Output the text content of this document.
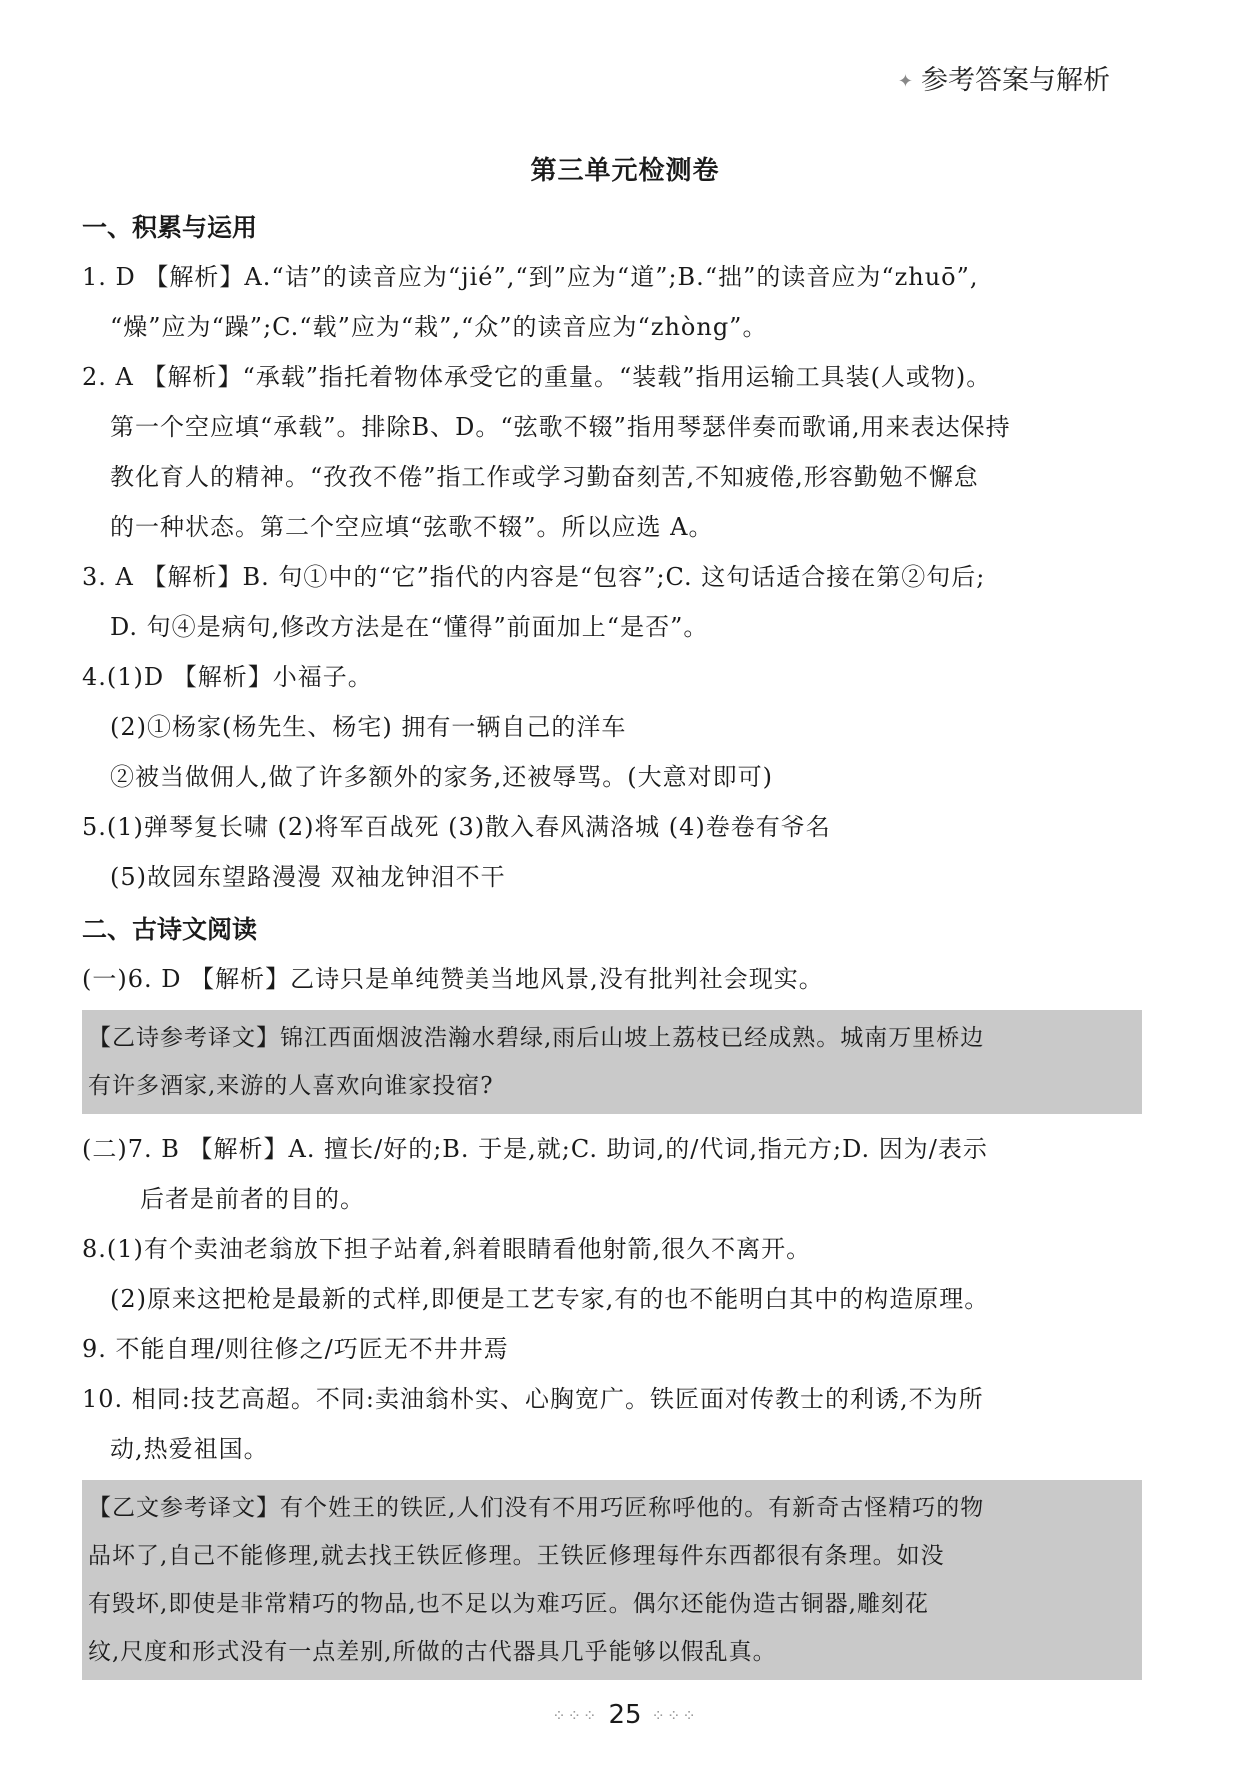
✦ 参考答案与解析
第三单元检测卷
一、积累与运用
1. D 【解析】A.“诘”的读音应为“jié”,“到”应为“道”;B.“拙”的读音应为“zhuō”,
“燥”应为“躁”;C.“载”应为“栽”,“众”的读音应为“zhòng”。
2. A 【解析】“承载”指托着物体承受它的重量。“装载”指用运输工具装(人或物)。
第一个空应填“承载”。排除B、D。“弦歌不辍”指用琴瑟伴奏而歌诵,用来表达保持
教化育人的精神。“孜孜不倦”指工作或学习勤奋刻苦,不知疲倦,形容勤勉不懈怠
的一种状态。第二个空应填“弦歌不辍”。所以应选 A。
3. A 【解析】B. 句①中的“它”指代的内容是“包容”;C. 这句话适合接在第②句后;
D. 句④是病句,修改方法是在“懂得”前面加上“是否”。
4.(1)D 【解析】小福子。
(2)①杨家(杨先生、杨宅) 拥有一辆自己的洋车
②被当做佣人,做了许多额外的家务,还被辱骂。(大意对即可)
5.(1)弹琴复长啸 (2)将军百战死 (3)散入春风满洛城 (4)卷卷有爷名
(5)故园东望路漫漫 双袖龙钟泪不干
二、古诗文阅读
(一)6. D 【解析】乙诗只是单纯赞美当地风景,没有批判社会现实。
【乙诗参考译文】锦江西面烟波浩瀚水碧绿,雨后山坡上荔枝已经成熟。城南万里桥边
有许多酒家,来游的人喜欢向谁家投宿?
(二)7. B 【解析】A. 擅长/好的;B. 于是,就;C. 助词,的/代词,指元方;D. 因为/表示
后者是前者的目的。
8.(1)有个卖油老翁放下担子站着,斜着眼睛看他射箭,很久不离开。
(2)原来这把枪是最新的式样,即便是工艺专家,有的也不能明白其中的构造原理。
9. 不能自理/则往修之/巧匠无不井井焉
10. 相同:技艺高超。不同:卖油翁朴实、心胸宽广。铁匠面对传教士的利诱,不为所
动,热爱祖国。
【乙文参考译文】有个姓王的铁匠,人们没有不用巧匠称呼他的。有新奇古怪精巧的物
品坏了,自己不能修理,就去找王铁匠修理。王铁匠修理每件东西都很有条理。如没
有毁坏,即使是非常精巧的物品,也不足以为难巧匠。偶尔还能伪造古铜器,雕刻花
纹,尺度和形式没有一点差别,所做的古代器具几乎能够以假乱真。
⁘⁘⁘ 25 ⁘⁘⁘
